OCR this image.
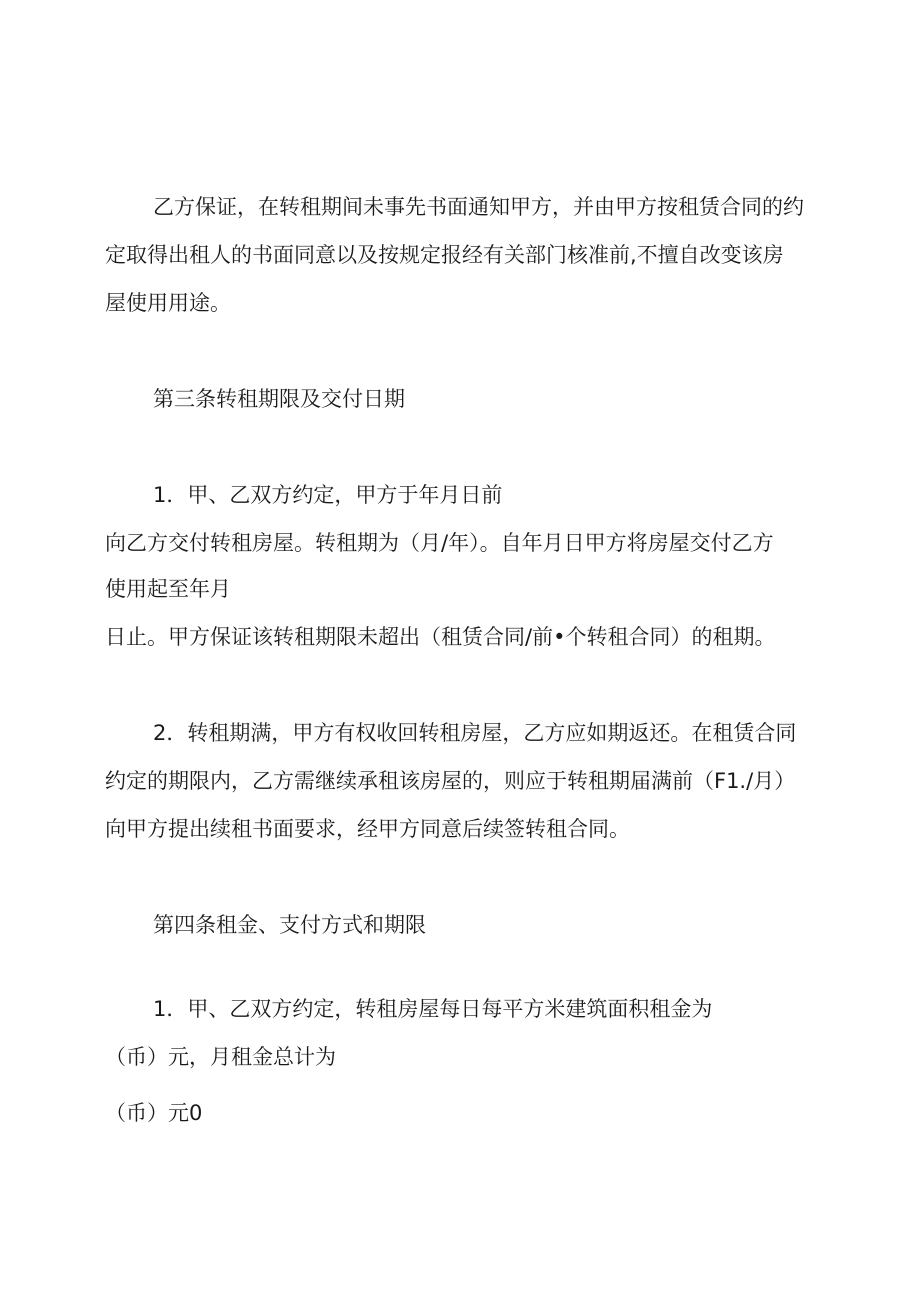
乙方保证，在转租期间未事先书面通知甲方，并由甲方按租赁合同的约

定取得出租人的书面同意以及按规定报经有关部门核准前,不擅自改变该房

屋使用用途。

第三条转租期限及交付日期

1．甲、乙双方约定，甲方于年月日前

向乙方交付转租房屋。转租期为（月/年）。自年月日甲方将房屋交付乙方

使用起至年月

日止。甲方保证该转租期限未超出（租赁合同/前•个转租合同）的租期。

2．转租期满，甲方有权收回转租房屋，乙方应如期返还。在租赁合同

约定的期限内，乙方需继续承租该房屋的，则应于转租期届满前（F1./月）

向甲方提出续租书面要求，经甲方同意后续签转租合同。

第四条租金、支付方式和期限

1．甲、乙双方约定，转租房屋每日每平方米建筑面积租金为

（币）元，月租金总计为

（币）元0
